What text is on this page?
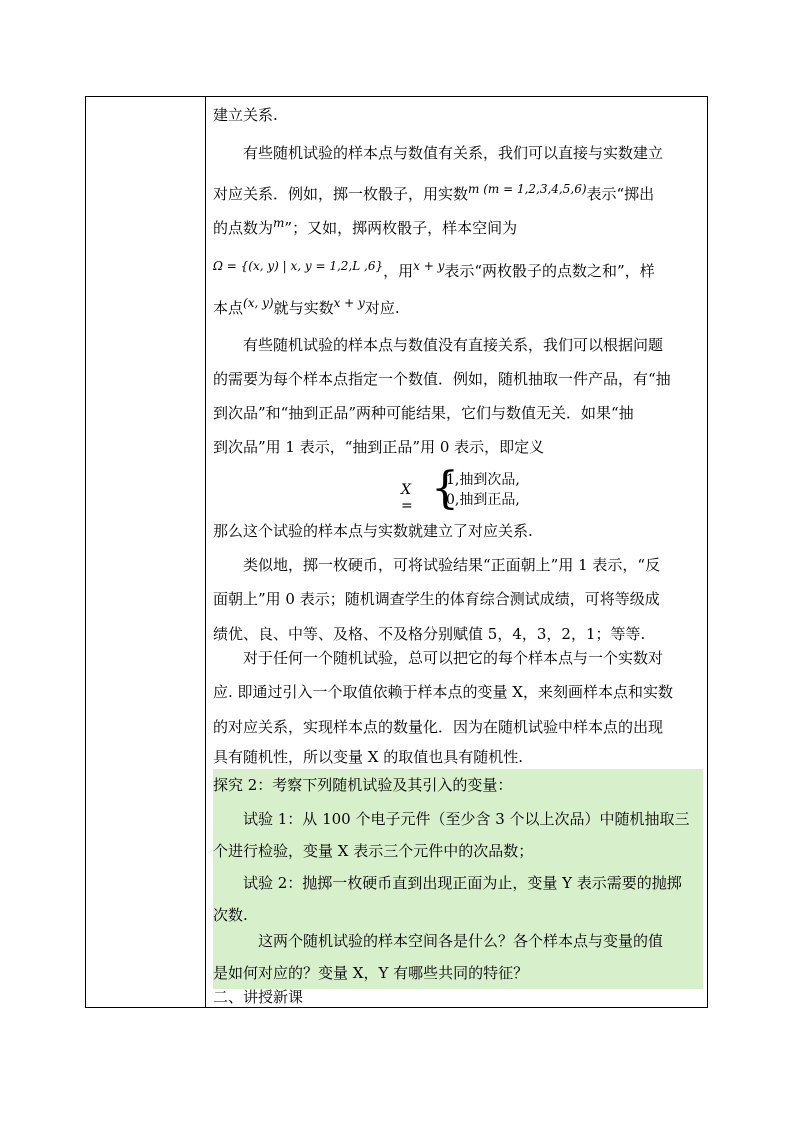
建立关系.

有些随机试验的样本点与数值有关系，我们可以直接与实数建立

对应关系．例如，掷一枚骰子，用实数$^{m (m = 1,2,3,4,5,6)}$表示“掷出

的点数为$^m$”；又如，掷两枚骰子，样本空间为

$^{\Omega = \{(x, y) | x, y = 1,2,L ,6\}}$，用$^{x + y}$表示“两枚骰子的点数之和”，样

本点$^{(x, y)}$就与实数$^{x + y}$对应.

有些随机试验的样本点与数值没有直接关系，我们可以根据问题

的需要为每个样本点指定一个数值．例如，随机抽取一件产品，有“抽

到次品”和“抽到正品”两种可能结果，它们与数值无关．如果“抽

到次品”用 1 表示，“抽到正品”用 0 表示，即定义

X = {
1,抽到次品,
0,抽到正品,

那么这个试验的样本点与实数就建立了对应关系.

类似地，掷一枚硬币，可将试验结果“正面朝上”用 1 表示，“反

面朝上”用 0 表示；随机调查学生的体育综合测试成绩，可将等级成

绩优、良、中等、及格、不及格分别赋值 5，4，3，2，1；等等.

对于任何一个随机试验，总可以把它的每个样本点与一个实数对

应. 即通过引入一个取值依赖于样本点的变量 X，来刻画样本点和实数

的对应关系，实现样本点的数量化．因为在随机试验中样本点的出现

具有随机性，所以变量 X 的取值也具有随机性.

探究 2：考察下列随机试验及其引入的变量：

试验 1：从 100 个电子元件（至少含 3 个以上次品）中随机抽取三

个进行检验，变量 X 表示三个元件中的次品数；

试验 2：抛掷一枚硬币直到出现正面为止，变量 Y 表示需要的抛掷

次数.

这两个随机试验的样本空间各是什么？各个样本点与变量的值

是如何对应的？变量 X，Y 有哪些共同的特征？

二、讲授新课
